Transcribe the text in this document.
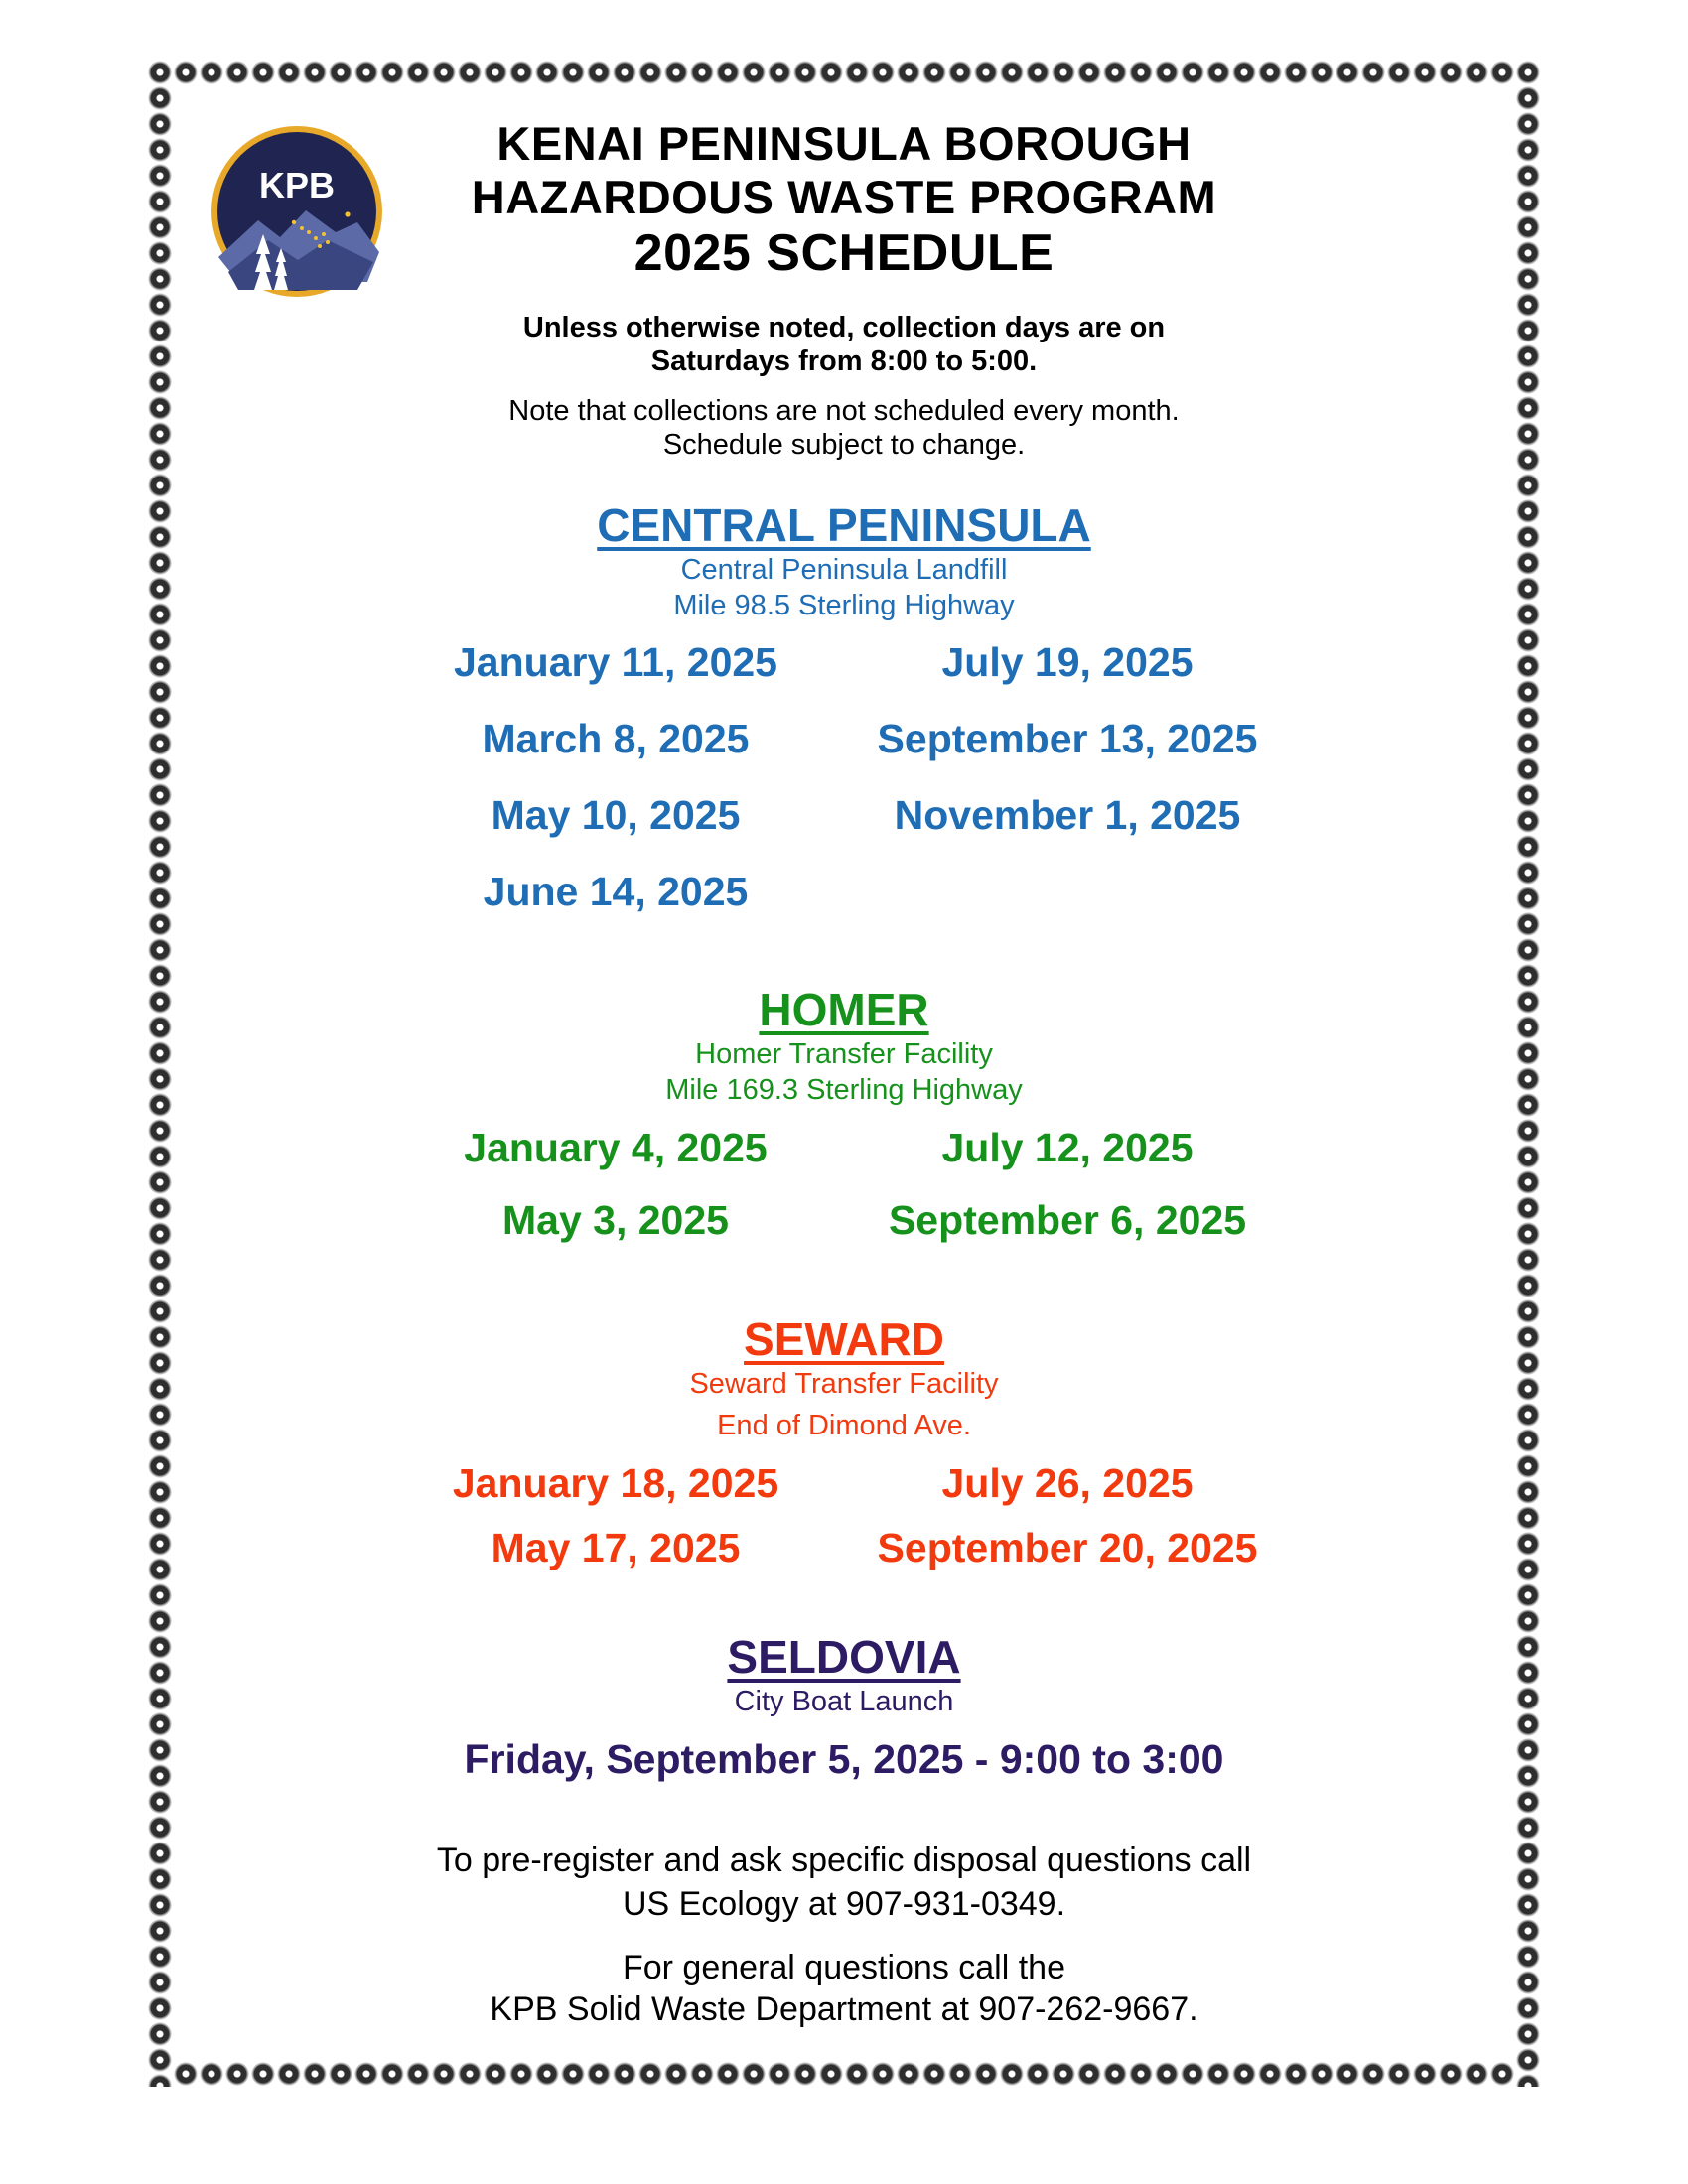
KPB
KENAI PENINSULA BOROUGH
HAZARDOUS WASTE PROGRAM
2025 SCHEDULE
Unless otherwise noted, collection days are on
Saturdays from 8:00 to 5:00.
Note that collections are not scheduled every month.
Schedule subject to change.
CENTRAL PENINSULA
Central Peninsula Landfill
Mile 98.5 Sterling Highway
January 11, 2025
March 8, 2025
May 10, 2025
June 14, 2025
July 19, 2025
September 13, 2025
November 1, 2025
HOMER
Homer Transfer Facility
Mile 169.3 Sterling Highway
January 4, 2025
May 3, 2025
July 12, 2025
September 6, 2025
SEWARD
Seward Transfer Facility
End of Dimond Ave.
January 18, 2025
May 17, 2025
July 26, 2025
September 20, 2025
SELDOVIA
City Boat Launch
Friday, September 5, 2025 - 9:00 to 3:00
To pre-register and ask specific disposal questions call
US Ecology at 907-931-0349.
For general questions call the
KPB Solid Waste Department at 907-262-9667.
